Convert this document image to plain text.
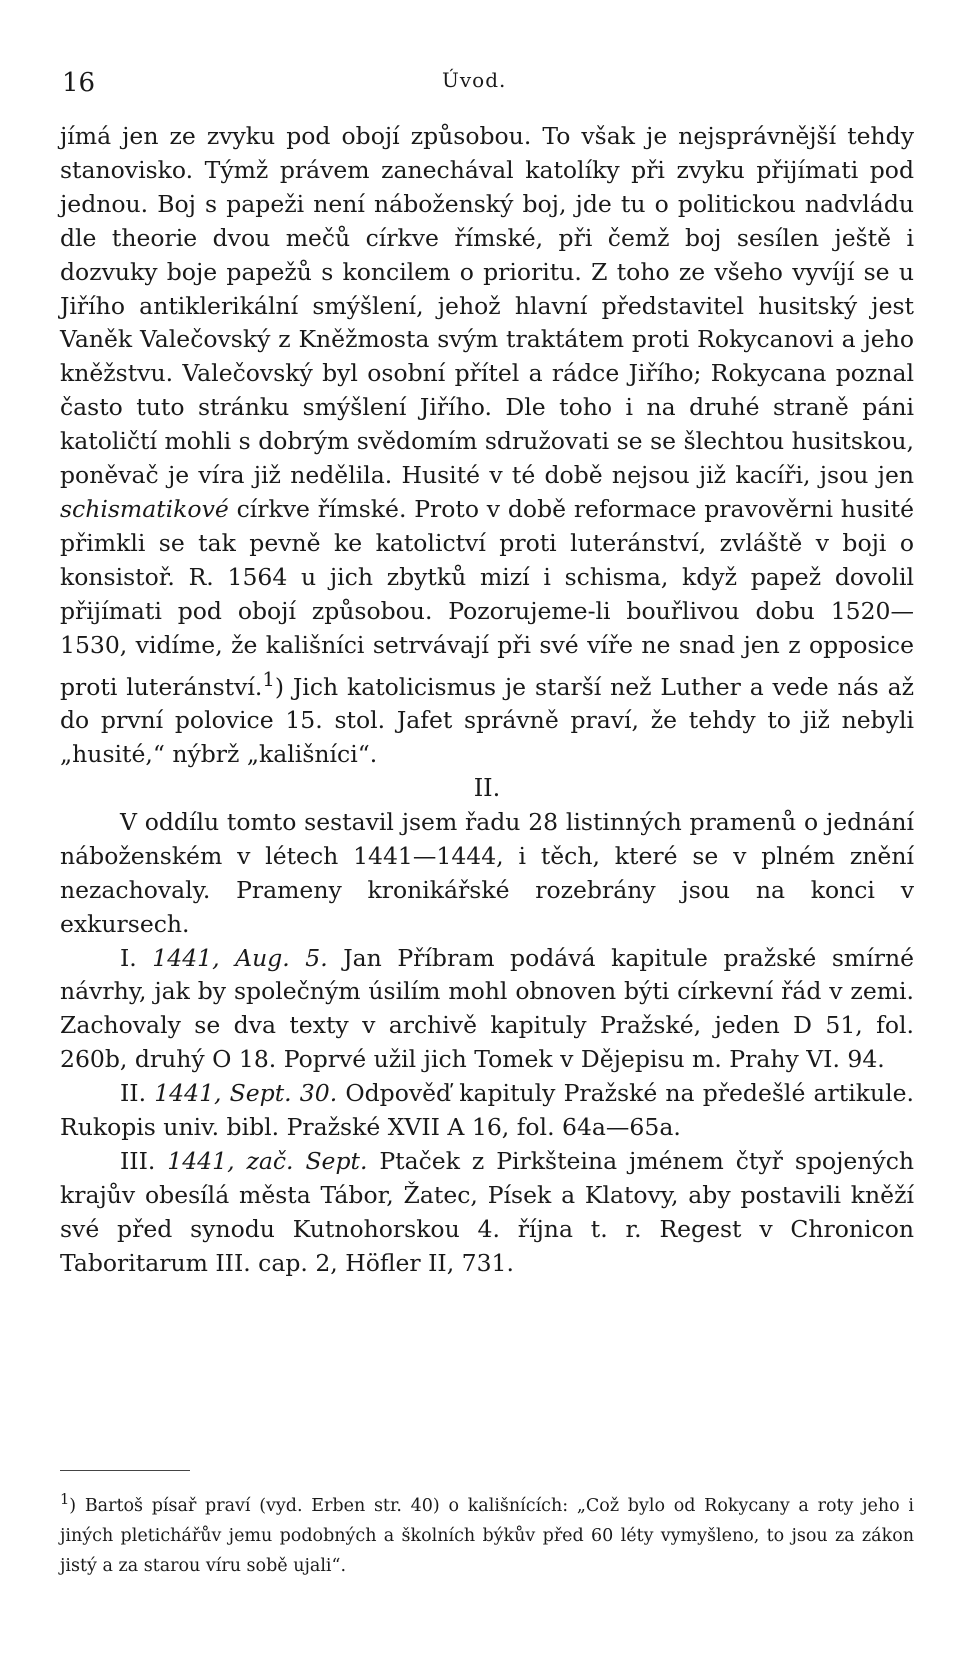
16	Úvod.

jímá jen ze zvyku pod obojí způsobou. To však je nejsprávnější tehdy stanovisko. Týmž právem zanechával katolíky při zvyku přijímati pod jednou. Boj s papeži není náboženský boj, jde tu o politickou nadvládu dle theorie dvou mečů církve římské, při čemž boj sesílen ještě i dozvuky boje papežů s koncilem o prioritu. Z toho ze všeho vyvíjí se u Jiřího antiklerikální smýšlení, jehož hlavní představitel husitský jest Vaněk Valečovský z Kněžmosta svým traktátem proti Rokycanovi a jeho kněžstvu. Valečovský byl osobní přítel a rádce Jiřího; Rokycana poznal často tuto stránku smýšlení Jiřího. Dle toho i na druhé straně páni katoličtí mohli s dobrým svědomím sdružovati se se šlechtou husitskou, poněvač je víra již nedělila. Husité v té době nejsou již kacíři, jsou jen schismatikové církve římské. Proto v době reformace pravověrni husité přimkli se tak pevně ke katolictví proti luteránství, zvláště v boji o konsistoř. R. 1564 u jich zbytků mizí i schisma, když papež dovolil přijímati pod obojí způsobou. Pozorujeme-li bouřlivou dobu 1520—1530, vidíme, že kališníci setrvávají při své víře ne snad jen z opposice proti luteránství.$^1$) Jich katolicismus je starší než Luther a vede nás až do první polovice 15. stol. Jafet správně praví, že tehdy to již nebyli „husité,“ nýbrž „kališníci“.

II.

V oddílu tomto sestavil jsem řadu 28 listinných pramenů o jednání náboženském v létech 1441—1444, i těch, které se v plném znění nezachovaly. Prameny kronikářské rozebrány jsou na konci v exkursech.

I. 1441, Aug. 5. Jan Příbram podává kapitule pražské smírné návrhy, jak by společným úsilím mohl obnoven býti církevní řád v zemi. Zachovaly se dva texty v archivě kapituly Pražské, jeden D 51, fol. 260b, druhý O 18. Poprvé užil jich Tomek v Dějepisu m. Prahy VI. 94.

II. 1441, Sept. 30. Odpověď kapituly Pražské na předešlé artikule. Rukopis univ. bibl. Pražské XVII A 16, fol. 64a—65a.

III. 1441, zač. Sept. Ptaček z Pirkšteina jménem čtyř spojených krajův obesílá města Tábor, Žatec, Písek a Klatovy, aby postavili kněží své před synodu Kutnohorskou 4. října t. r. Regest v Chronicon Taboritarum III. cap. 2, Höfler II, 731.

$^1$) Bartoš písař praví (vyd. Erben str. 40) o kališnících: „Což bylo od Rokycany a roty jeho i jiných pletichářův jemu podobných a školních býkův před 60 léty vymyšleno, to jsou za zákon jistý a za starou víru sobě ujali“.
